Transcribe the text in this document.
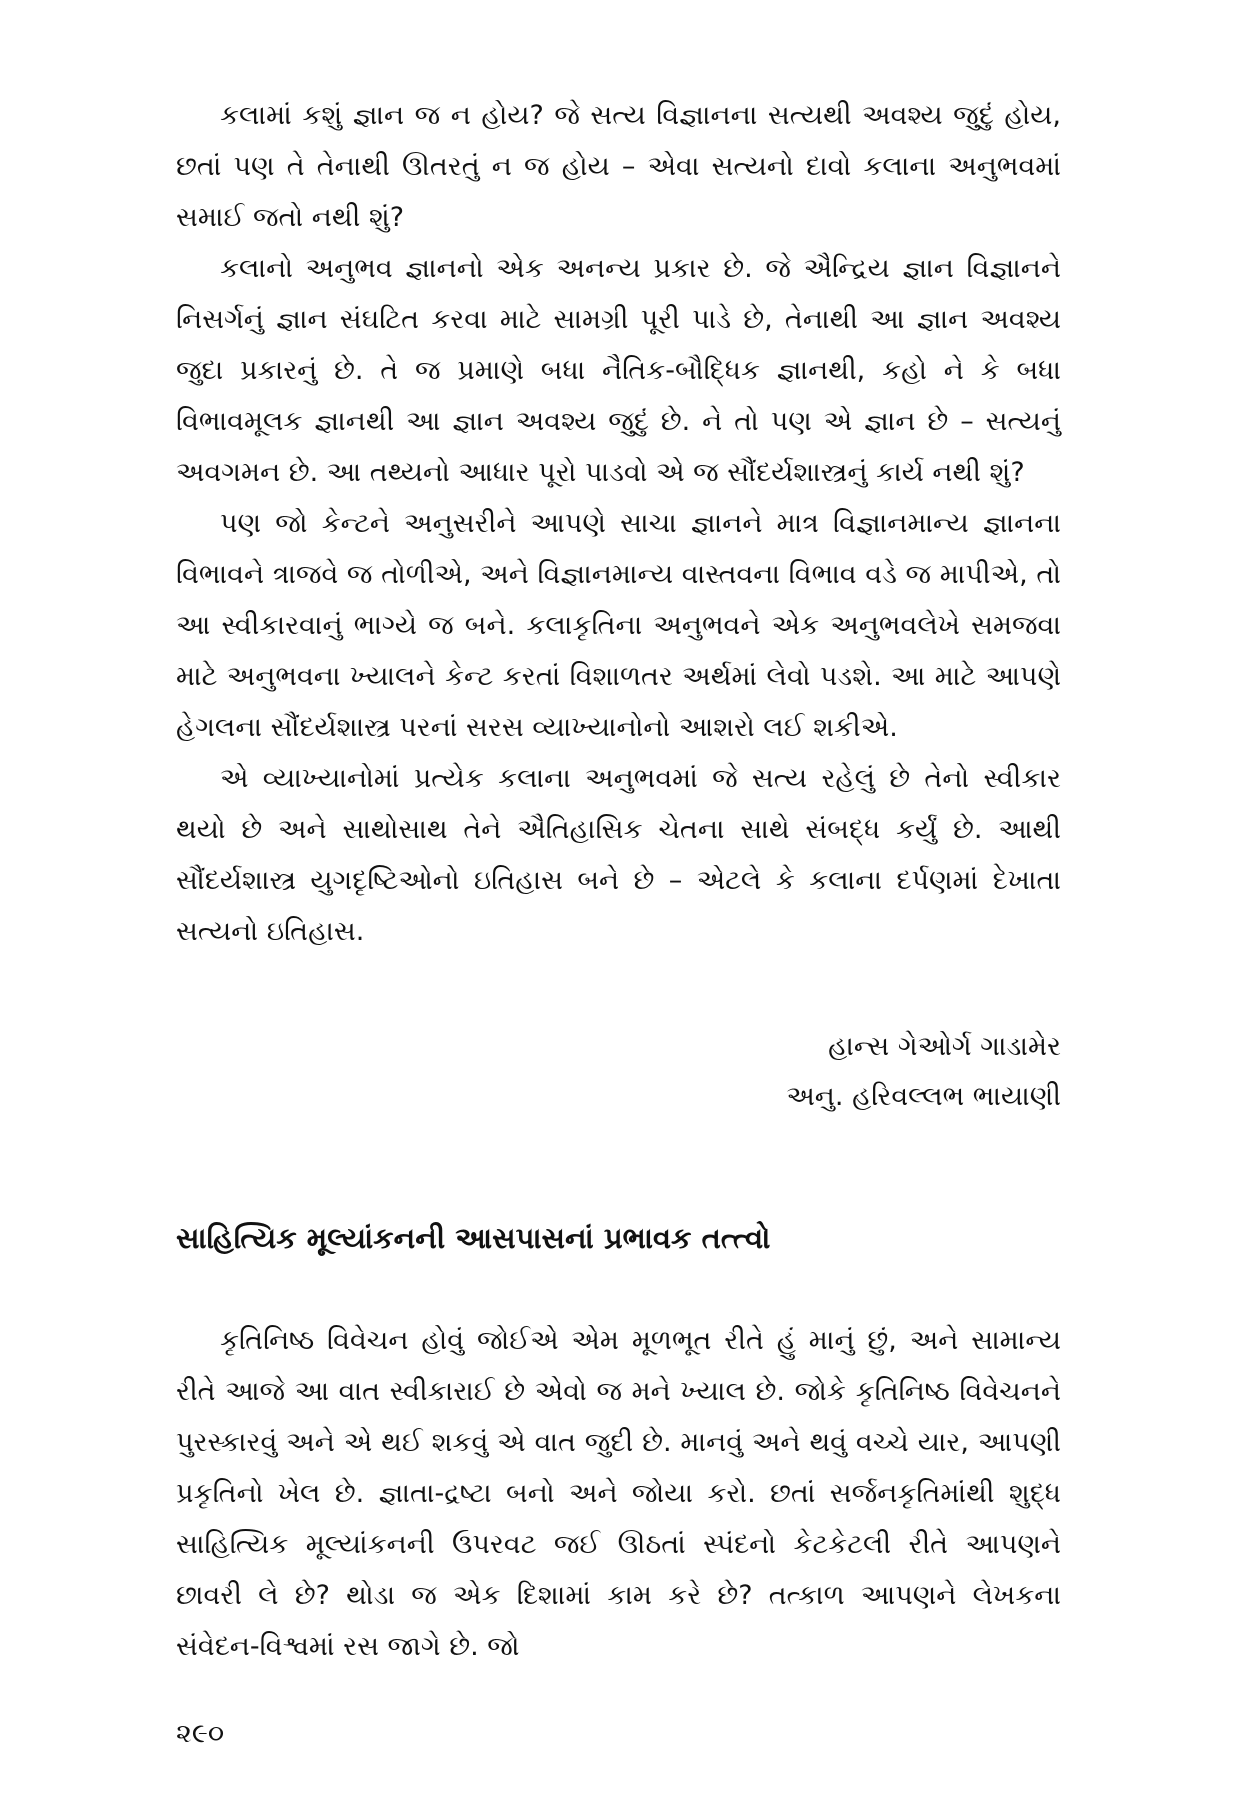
કલામાં કશું જ્ઞાન જ ન હોય? જે સત્ય વિજ્ઞાનના સત્યથી અવશ્ય જુદું હોય, છતાં પણ તે તેનાથી ઊતરતું ન જ હોય – એવા સત્યનો દાવો કલાના અનુભવમાં સમાઈ જતો નથી શું?

કલાનો અનુભવ જ્ઞાનનો એક અનન્ય પ્રકાર છે. જે ઐન્દ્રિય જ્ઞાન વિજ્ઞાનને નિસર્ગનું જ્ઞાન સંઘટિત કરવા માટે સામગ્રી પૂરી પાડે છે, તેનાથી આ જ્ઞાન અવશ્ય જુદા પ્રકારનું છે. તે જ પ્રમાણે બધા નૈતિક-બૌદ્ધિક જ્ઞાનથી, કહો ને કે બધા વિભાવમૂલક જ્ઞાનથી આ જ્ઞાન અવશ્ય જુદું છે. ને તો પણ એ જ્ઞાન છે – સત્યનું અવગમન છે. આ તથ્યનો આધાર પૂરો પાડવો એ જ સૌંદર્યશાસ્ત્રનું કાર્ય નથી શું?

પણ જો કેન્ટને અનુસરીને આપણે સાચા જ્ઞાનને માત્ર વિજ્ઞાનમાન્ય જ્ઞાનના વિભાવને ત્રાજવે જ તોળીએ, અને વિજ્ઞાનમાન્ય વાસ્તવના વિભાવ વડે જ માપીએ, તો આ સ્વીકારવાનું ભાગ્યે જ બને. કલાકૃતિના અનુભવને એક અનુભવલેખે સમજવા માટે અનુભવના ખ્યાલને કેન્ટ કરતાં વિશાળતર અર્થમાં લેવો પડશે. આ માટે આપણે હેગલના સૌંદર્યશાસ્ત્ર પરનાં સરસ વ્યાખ્યાનોનો આશરો લઈ શકીએ.

એ વ્યાખ્યાનોમાં પ્રત્યેક કલાના અનુભવમાં જે સત્ય રહેલું છે તેનો સ્વીકાર થયો છે અને સાથોસાથ તેને ઐતિહાસિક ચેતના સાથે સંબદ્ધ કર્યું છે. આથી સૌંદર્યશાસ્ત્ર યુગદૃષ્ટિઓનો ઇતિહાસ બને છે – એટલે કે કલાના દર્પણમાં દેખાતા સત્યનો ઇતિહાસ.

હાન્સ ગેઓર્ગ ગાડામેર
અનુ. હરિવલ્લભ ભાયાણી
સાહિત્યિક મૂલ્યાંકનની આસપાસનાં પ્રભાવક તત્ત્વો

કૃતિનિષ્ઠ વિવેચન હોવું જોઈએ એમ મૂળભૂત રીતે હું માનું છું, અને સામાન્ય રીતે આજે આ વાત સ્વીકારાઈ છે એવો જ મને ખ્યાલ છે. જોકે કૃતિનિષ્ઠ વિવેચનને પુરસ્કારવું અને એ થઈ શકવું એ વાત જુદી છે. માનવું અને થવું વચ્ચે યાર, આપણી પ્રકૃતિનો ખેલ છે. જ્ઞાતા-દ્રષ્ટા બનો અને જોયા કરો. છતાં સર્જનકૃતિમાંથી શુદ્ધ સાહિત્યિક મૂલ્યાંકનની ઉપરવટ જઈ ઊઠતાં સ્પંદનો કેટકેટલી રીતે આપણને છાવરી લે છે? થોડા જ એક દિશામાં કામ કરે છે? તત્કાળ આપણને લેખકના સંવેદન-વિશ્વમાં રસ જાગે છે. જો

૨૯૦
